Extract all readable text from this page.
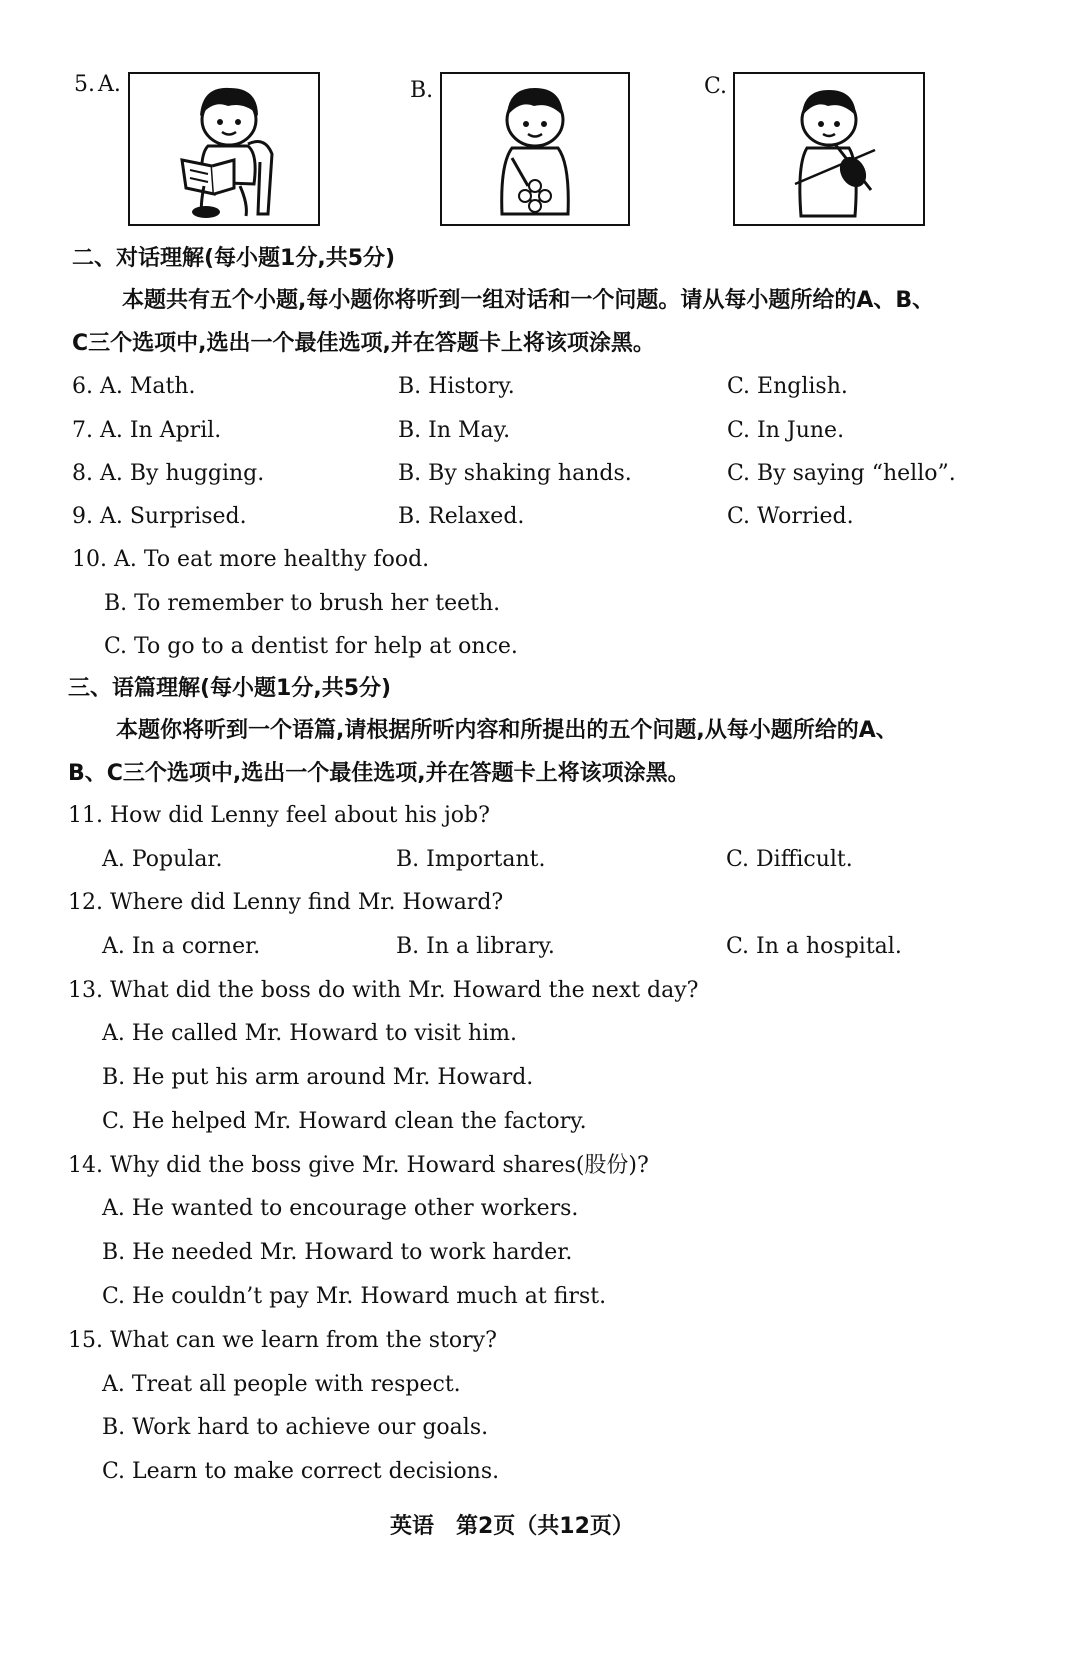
5. A.	B.	C.
二、对话理解(每小题1分,共5分)
本题共有五个小题,每小题你将听到一组对话和一个问题。请从每小题所给的A、B、
C三个选项中,选出一个最佳选项,并在答题卡上将该项涂黑。
6. A. Math.	B. History.	C. English.
7. A. In April.	B. In May.	C. In June.
8. A. By hugging.	B. By shaking hands.	C. By saying “hello”.
9. A. Surprised.	B. Relaxed.	C. Worried.
10. A. To eat more healthy food.
B. To remember to brush her teeth.
C. To go to a dentist for help at once.
三、语篇理解(每小题1分,共5分)
本题你将听到一个语篇,请根据所听内容和所提出的五个问题,从每小题所给的A、
B、C三个选项中,选出一个最佳选项,并在答题卡上将该项涂黑。
11. How did Lenny feel about his job?
A. Popular.	B. Important.	C. Difficult.
12. Where did Lenny find Mr. Howard?
A. In a corner.	B. In a library.	C. In a hospital.
13. What did the boss do with Mr. Howard the next day?
A. He called Mr. Howard to visit him.
B. He put his arm around Mr. Howard.
C. He helped Mr. Howard clean the factory.
14. Why did the boss give Mr. Howard shares(股份)?
A. He wanted to encourage other workers.
B. He needed Mr. Howard to work harder.
C. He couldn’t pay Mr. Howard much at first.
15. What can we learn from the story?
A. Treat all people with respect.
B. Work hard to achieve our goals.
C. Learn to make correct decisions.
英语　第2页（共12页）
